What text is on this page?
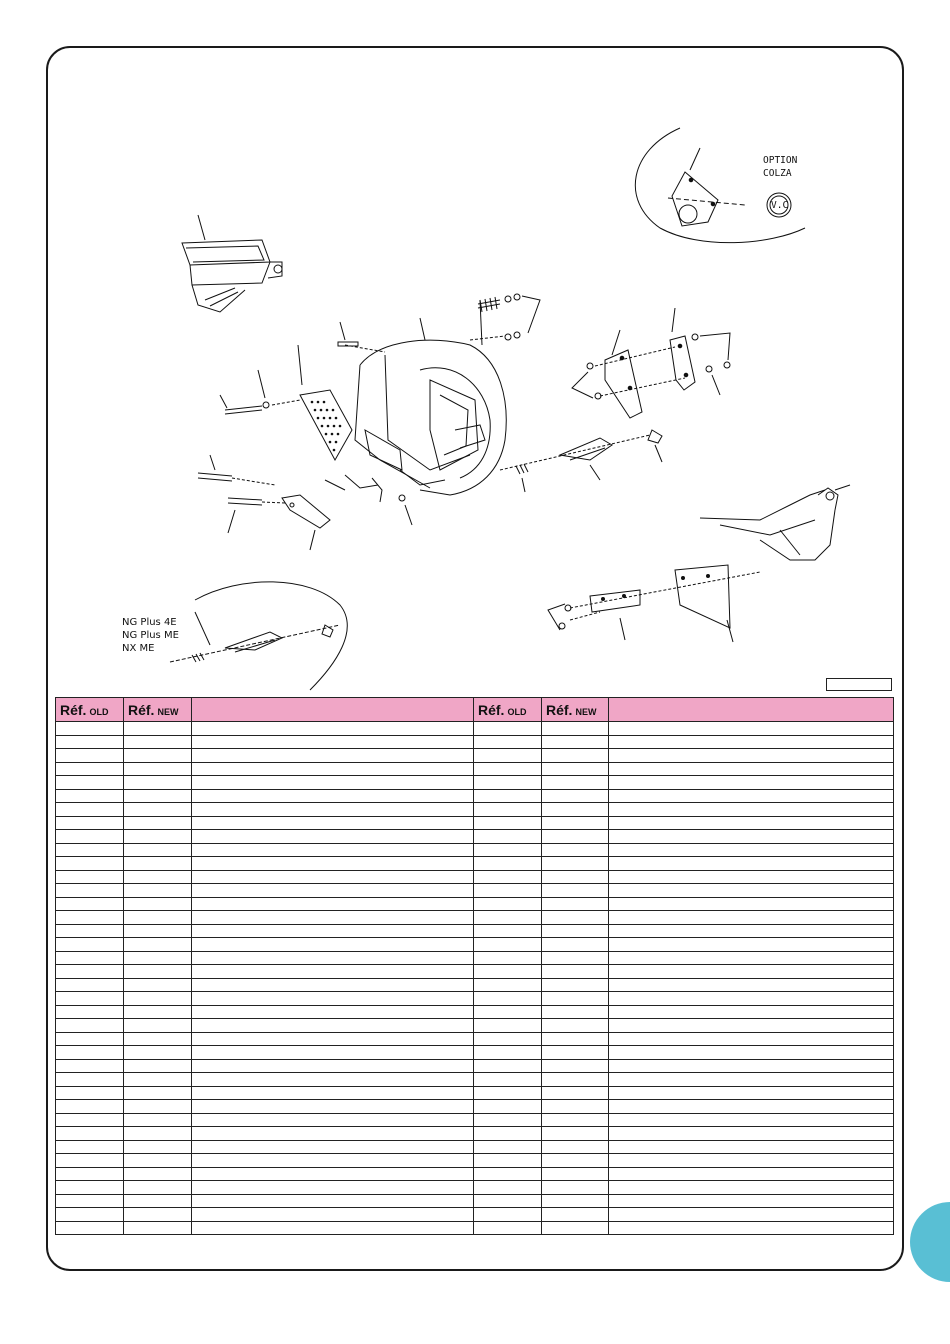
OPTION
COLZA
V.C
NG Plus 4E
NG Plus ME
NX ME
Réf. OLD	Réf. NEW		Réf. OLD	Réf. NEW	
